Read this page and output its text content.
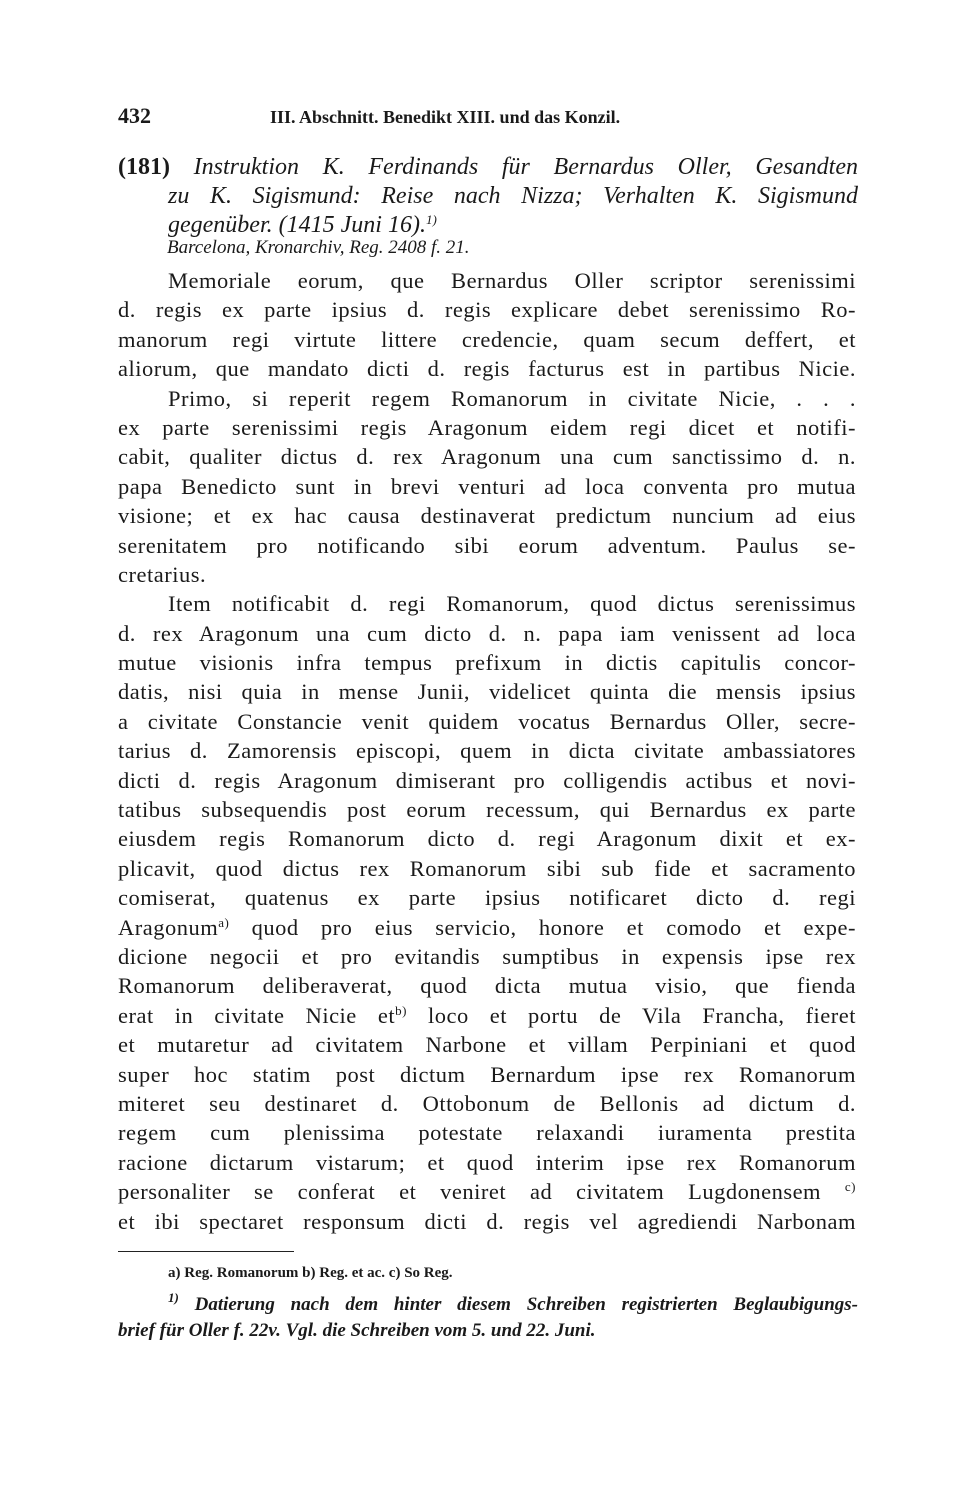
432	III. Abschnitt. Benedikt XIII. und das Konzil.
(181) Instruktion K. Ferdinands für Bernardus Oller, Gesandten
zu K. Sigismund: Reise nach Nizza; Verhalten K. Sigismund
gegenüber. (1415 Juni 16).$^{1)}$
Barcelona, Kronarchiv, Reg. 2408 f. 21.
Memoriale eorum, que Bernardus Oller scriptor serenissimi
d. regis ex parte ipsius d. regis explicare debet serenissimo Ro-
manorum regi virtute littere credencie, quam secum deffert, et
aliorum, que mandato dicti d. regis facturus est in partibus Nicie.
Primo, si reperit regem Romanorum in civitate Nicie, . . .
ex parte serenissimi regis Aragonum eidem regi dicet et notifi-
cabit, qualiter dictus d. rex Aragonum una cum sanctissimo d. n.
papa Benedicto sunt in brevi venturi ad loca conventa pro mutua
visione; et ex hac causa destinaverat predictum nuncium ad eius
serenitatem pro notificando sibi eorum adventum. Paulus se-
cretarius.
Item notificabit d. regi Romanorum, quod dictus serenissimus
d. rex Aragonum una cum dicto d. n. papa iam venissent ad loca
mutue visionis infra tempus prefixum in dictis capitulis concor-
datis, nisi quia in mense Junii, videlicet quinta die mensis ipsius
a civitate Constancie venit quidem vocatus Bernardus Oller, secre-
tarius d. Zamorensis episcopi, quem in dicta civitate ambassiatores
dicti d. regis Aragonum dimiserant pro colligendis actibus et novi-
tatibus subsequendis post eorum recessum, qui Bernardus ex parte
eiusdem regis Romanorum dicto d. regi Aragonum dixit et ex-
plicavit, quod dictus rex Romanorum sibi sub fide et sacramento
comiserat, quatenus ex parte ipsius notificaret dicto d. regi
Aragonum$^{a)}$ quod pro eius servicio, honore et comodo et expe-
dicione negocii et pro evitandis sumptibus in expensis ipse rex
Romanorum deliberaverat, quod dicta mutua visio, que fienda
erat in civitate Nicie $et^{b)}$ loco et portu de Vila Francha, fieret
et mutaretur ad civitatem Narbone et villam Perpiniani et quod
super hoc statim post dictum Bernardum ipse rex Romanorum
miteret seu destinaret d. Ottobonum de Bellonis ad dictum d.
regem cum plenissima potestate relaxandi iuramenta prestita
racione dictarum vistarum; et quod interim ipse rex Romanorum
personaliter se conferat et veniret ad civitatem Lugdonensem $^{c)}$
et ibi spectaret responsum dicti d. regis vel agrediendi Narbonam
a) Reg. Romanorum b) Reg. et ac. c) So Reg.
$^{1)}$ Datierung nach dem hinter diesem Schreiben registrierten Beglaubigungs-
brief für Oller f. 22v. Vgl. die Schreiben vom 5. und 22. Juni.
